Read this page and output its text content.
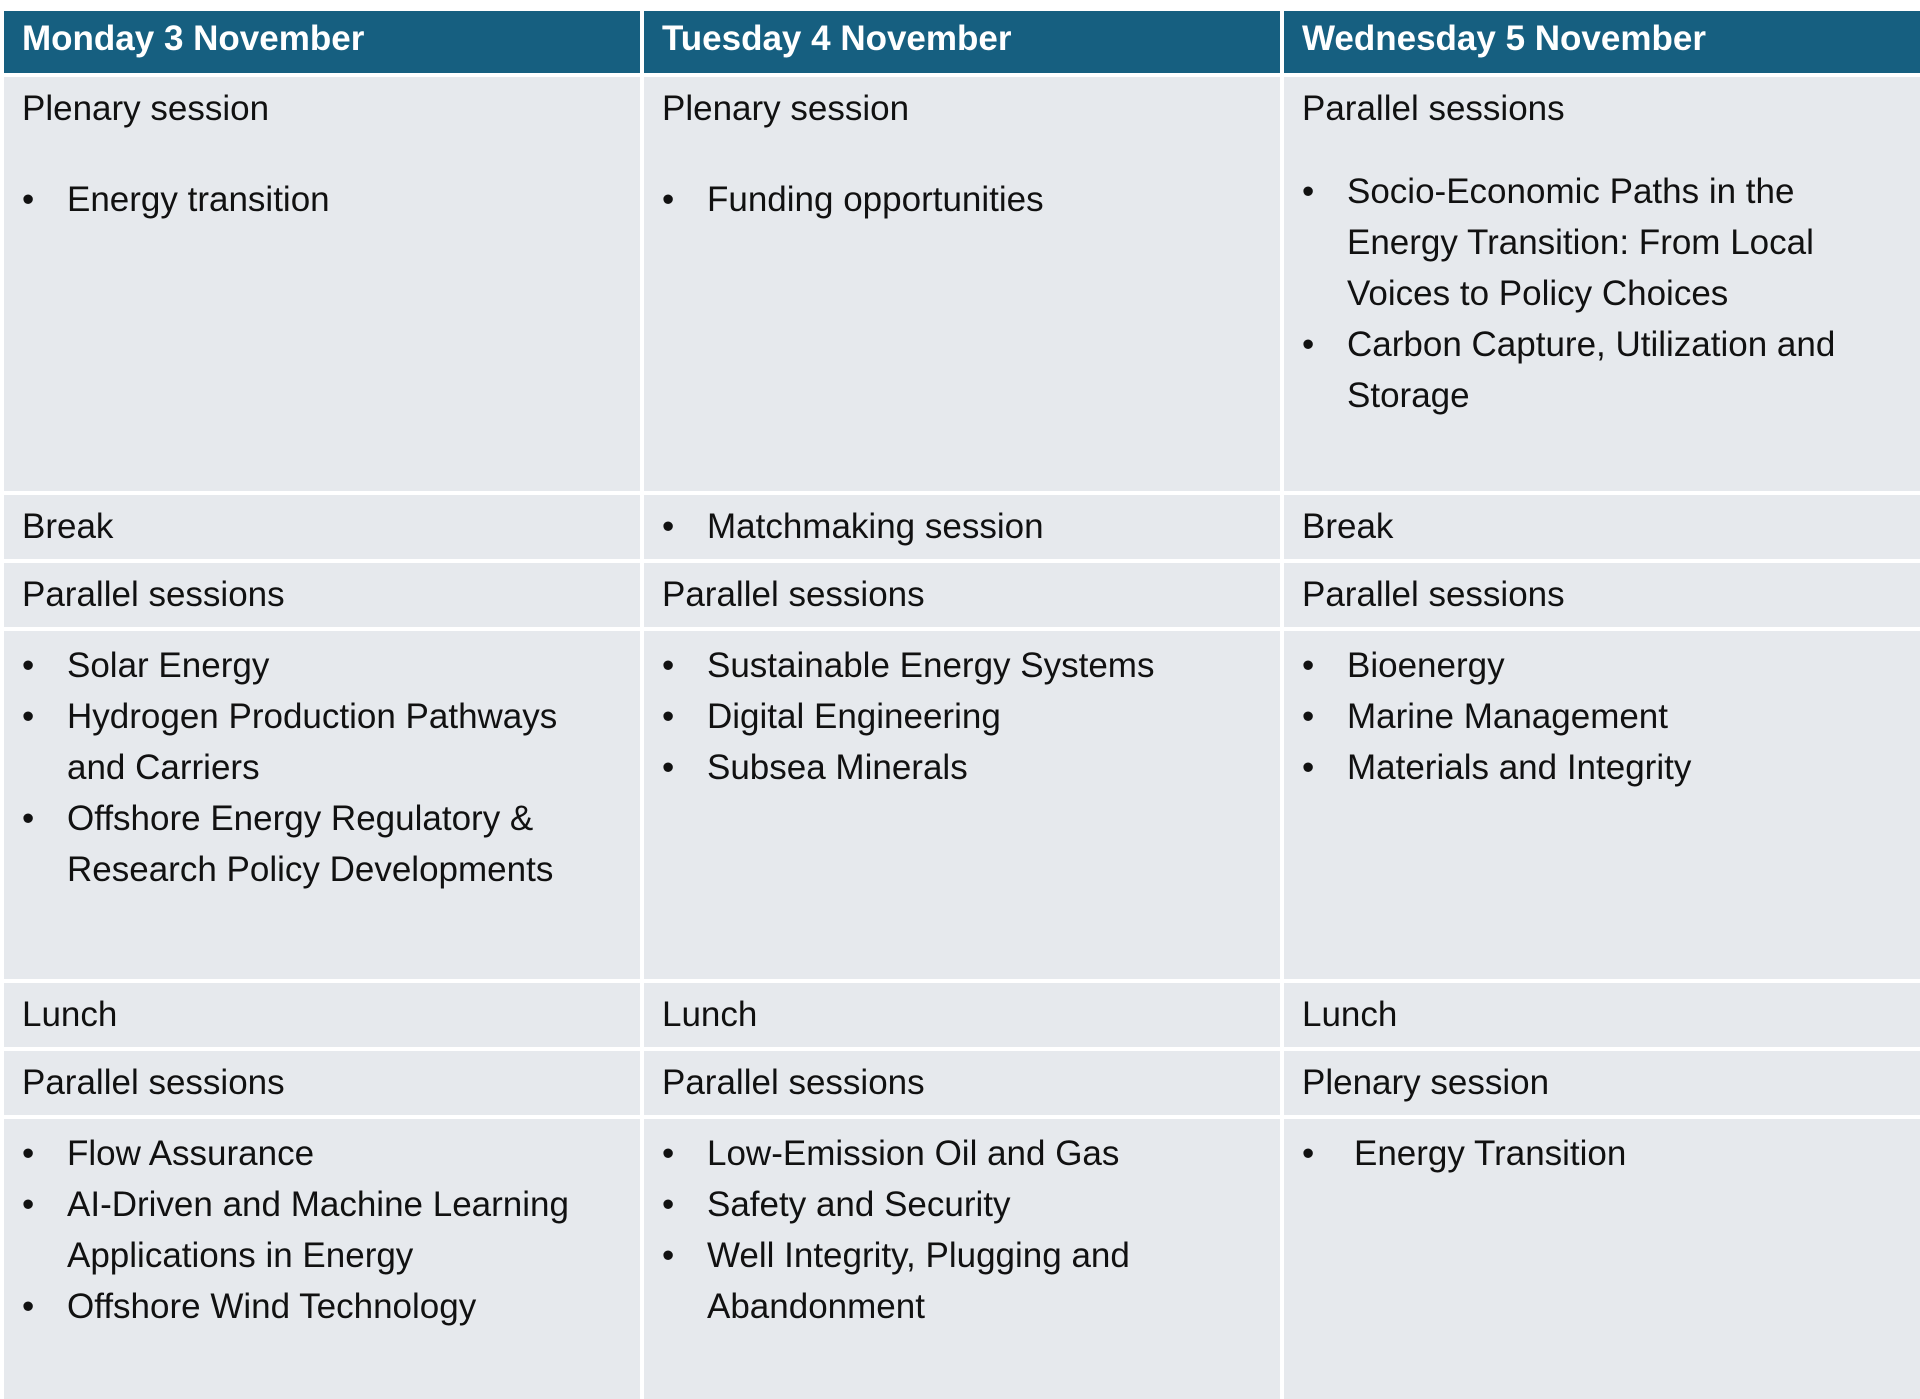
Monday 3 November	Tuesday 4 November	Wednesday 5 November
Plenary session
• Energy transition
Plenary session
• Funding opportunities
Parallel sessions
• Socio-Economic Paths in the Energy Transition: From Local Voices to Policy Choices
• Carbon Capture, Utilization and Storage
Break
•	Matchmaking session	Break
Parallel sessions	Parallel sessions	Parallel sessions
• Solar Energy
• Hydrogen Production Pathways and Carriers
• Offshore Energy Regulatory & Research Policy Developments
• Sustainable Energy Systems
• Digital Engineering
• Subsea Minerals
• Bioenergy
• Marine Management
• Materials and Integrity
Lunch	Lunch	Lunch
Parallel sessions	Parallel sessions	Plenary session
• Flow Assurance
• AI-Driven and Machine Learning Applications in Energy
• Offshore Wind Technology
• Low-Emission Oil and Gas
• Safety and Security
• Well Integrity, Plugging and Abandonment
• Energy Transition
